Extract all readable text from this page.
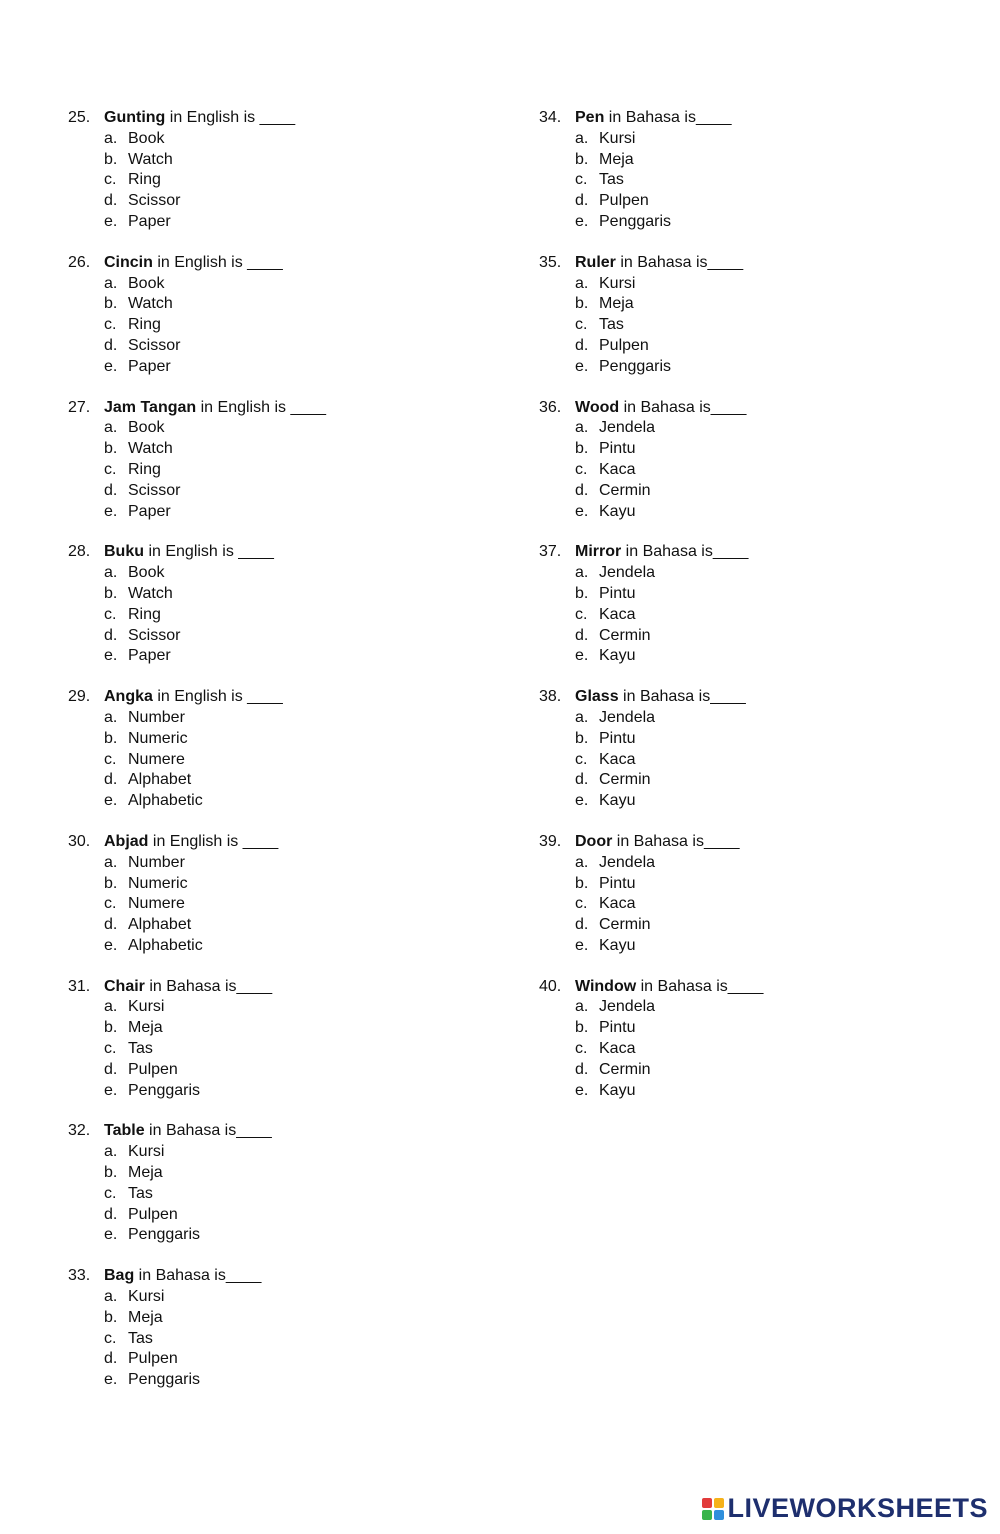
25. Gunting in English is ____
a. Book
b. Watch
c. Ring
d. Scissor
e. Paper
26. Cincin in English is ____
a. Book
b. Watch
c. Ring
d. Scissor
e. Paper
27. Jam Tangan in English is ____
a. Book
b. Watch
c. Ring
d. Scissor
e. Paper
28. Buku in English is ____
a. Book
b. Watch
c. Ring
d. Scissor
e. Paper
29. Angka in English is ____
a. Number
b. Numeric
c. Numere
d. Alphabet
e. Alphabetic
30. Abjad in English is ____
a. Number
b. Numeric
c. Numere
d. Alphabet
e. Alphabetic
31. Chair in Bahasa is____
a. Kursi
b. Meja
c. Tas
d. Pulpen
e. Penggaris
32. Table in Bahasa is____
a. Kursi
b. Meja
c. Tas
d. Pulpen
e. Penggaris
33. Bag in Bahasa is____
a. Kursi
b. Meja
c. Tas
d. Pulpen
e. Penggaris
34. Pen in Bahasa is____
a. Kursi
b. Meja
c. Tas
d. Pulpen
e. Penggaris
35. Ruler in Bahasa is____
a. Kursi
b. Meja
c. Tas
d. Pulpen
e. Penggaris
36. Wood in Bahasa is____
a. Jendela
b. Pintu
c. Kaca
d. Cermin
e. Kayu
37. Mirror in Bahasa is____
a. Jendela
b. Pintu
c. Kaca
d. Cermin
e. Kayu
38. Glass in Bahasa is____
a. Jendela
b. Pintu
c. Kaca
d. Cermin
e. Kayu
39. Door in Bahasa is____
a. Jendela
b. Pintu
c. Kaca
d. Cermin
e. Kayu
40. Window in Bahasa is____
a. Jendela
b. Pintu
c. Kaca
d. Cermin
e. Kayu
LIVEWORKSHEETS
